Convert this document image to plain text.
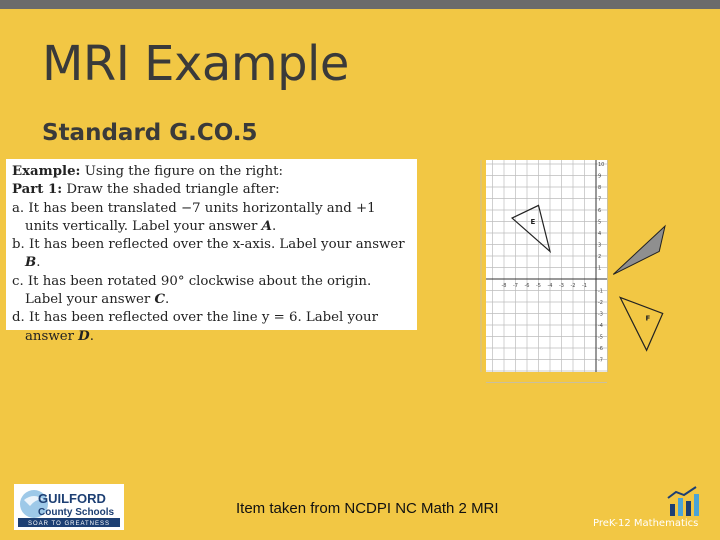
MRI Example
Standard G.CO.5
Example: Using the figure on the right:
Part 1: Draw the shaded triangle after:
a. It has been translated −7 units horizontally and +1 units vertically. Label your answer A.
b. It has been reflected over the x-axis. Label your answer B.
c. It has been rotated 90° clockwise about the origin. Label your answer C.
d. It has been reflected over the line y = 6. Label your answer D.
-8 -7 -6 -5 -4 -3 -2 -1
10
9
8
7
6
5
4
3
2
1
-1
-2
-3
-4
-5
-6
-7
E
F
GUILFORD
County Schools
SOAR TO GREATNESS
Item taken from NCDPI NC Math 2 MRI
PreK-12 Mathematics
